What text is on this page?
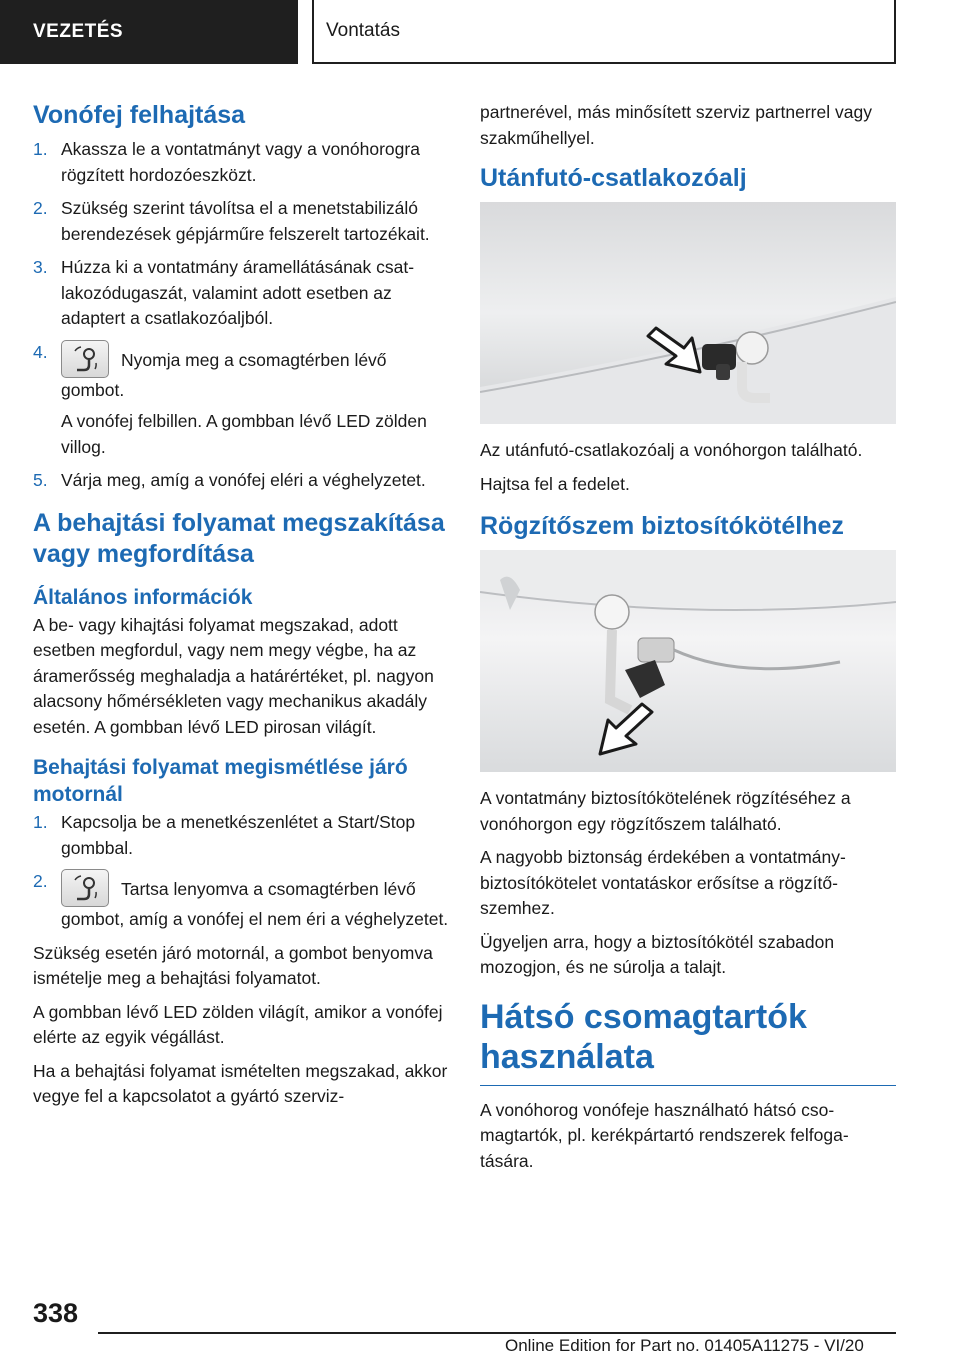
VEZETÉS	Vontatás
Vonófej felhajtása
1. Akassza le a vontatmányt vagy a vonóhorogra rögzített hordozóeszközt.
2. Szükség szerint távolítsa el a menetstabilizáló berendezések gépjárműre felszerelt tartozékait.
3. Húzza ki a vontatmány áramellátásának csatlakozódugaszát, valamint adott esetben az adaptert a csatlakozóaljból.
4.	Nyomja meg a csomagtérben lévő gombot.
A vonófej felbillen. A gombban lévő LED zölden villog.
5. Várja meg, amíg a vonófej eléri a véghelyzetet.
A behajtási folyamat megszakítása vagy megfordítása
Általános információk
A be- vagy kihajtási folyamat megszakad, adott esetben megfordul, vagy nem megy végbe, ha az áramerősség meghaladja a határértéket, pl. nagyon alacsony hőmérsékleten vagy mechanikus akadály esetén. A gombban lévő LED pirosan világít.
Behajtási folyamat megismétlése járó motornál
1. Kapcsolja be a menetkészenlétet a Start/Stop gombbal.
2.	Tartsa lenyomva a csomagtérben lévő gombot, amíg a vonófej el nem éri a véghelyzetet.
Szükség esetén járó motornál, a gombot benyomva ismételje meg a behajtási folyamatot.
A gombban lévő LED zölden világít, amikor a vonófej elérte az egyik végállást.
Ha a behajtási folyamat ismételten megszakad, akkor vegye fel a kapcsolatot a gyártó szerviz-
partnerével, más minősített szerviz partnerrel vagy szakműhellyel.
Utánfutó-csatlakozóalj
Az utánfutó-csatlakozóalj a vonóhorgon található.
Hajtsa fel a fedelet.
Rögzítőszem biztosítókötélhez
A vontatmány biztosítókötelének rögzítéséhez a vonóhorgon egy rögzítőszem található.
A nagyobb biztonság érdekében a vontatmánybiztosítókötelet vontatáskor erősítse a rögzítőszemhez.
Ügyeljen arra, hogy a biztosítókötél szabadon mozogjon, és ne súrolja a talajt.
Hátsó csomagtartók használata
A vonóhorog vonófeje használható hátsó csomagtartók, pl. kerékpártartó rendszerek felfogatására.
338
Online Edition for Part no. 01405A11275 - VI/20
